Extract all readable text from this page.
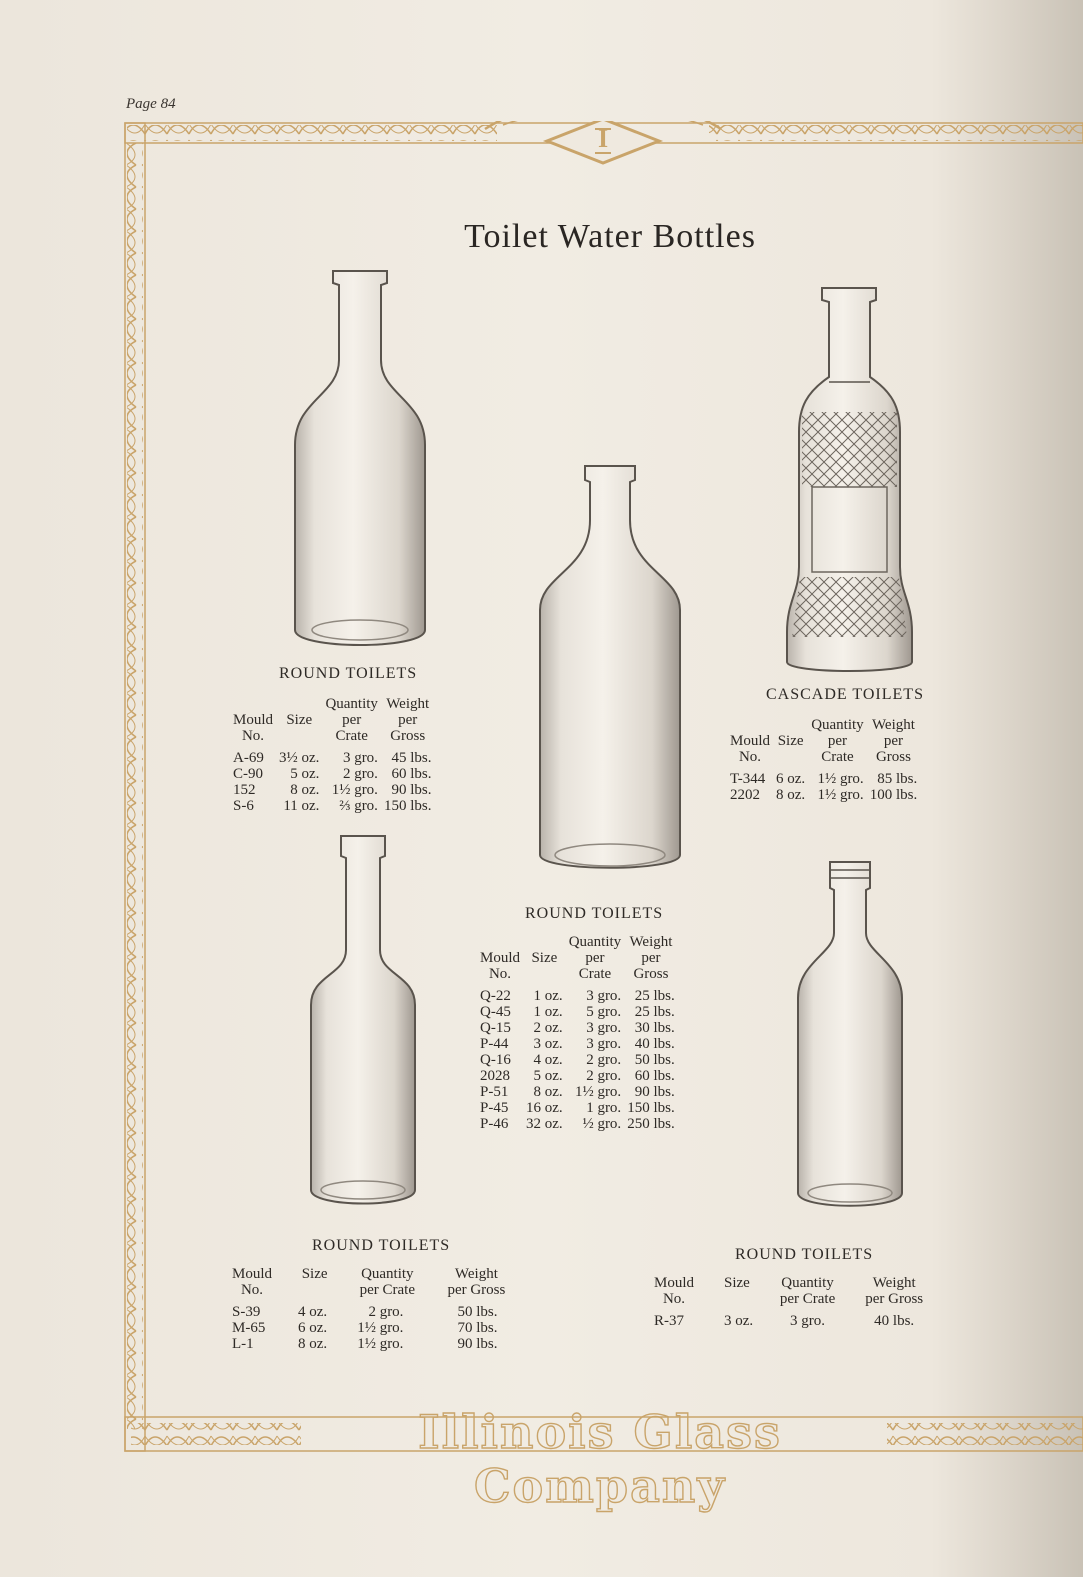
Page 84
I
Toilet Water Bottles
ROUND TOILETS
Mould
No.	Size	Quantity
per
Crate	Weight
per
Gross
A-69	3½ oz.	3 gro.	45 lbs.
C-90	5 oz.	2 gro.	60 lbs.
152	8 oz.	1½ gro.	90 lbs.
S-6	11 oz.	⅔ gro.	150 lbs.
CASCADE TOILETS
Mould
No.	Size	Quantity
per
Crate	Weight
per
Gross
T-344	6 oz.	1½ gro.	85 lbs.
2202	8 oz.	1½ gro.	100 lbs.
ROUND TOILETS
Mould
No.	Size	Quantity
per
Crate	Weight
per
Gross
Q-22	1 oz.	3 gro.	25 lbs.
Q-45	1 oz.	5 gro.	25 lbs.
Q-15	2 oz.	3 gro.	30 lbs.
P-44	3 oz.	3 gro.	40 lbs.
Q-16	4 oz.	2 gro.	50 lbs.
2028	5 oz.	2 gro.	60 lbs.
P-51	8 oz.	1½ gro.	90 lbs.
P-45	16 oz.	1 gro.	150 lbs.
P-46	32 oz.	½ gro.	250 lbs.
ROUND TOILETS
Mould
No.	Size	Quantity
per Crate	Weight
per Gross
S-39	4 oz.	2 gro.	50 lbs.
M-65	6 oz.	1½ gro.	70 lbs.
L-1	8 oz.	1½ gro.	90 lbs.
ROUND TOILETS
Mould
No.	Size	Quantity
per Crate	Weight
per Gross
R-37	3 oz.	3 gro.	40 lbs.
Illinois Glass Company
